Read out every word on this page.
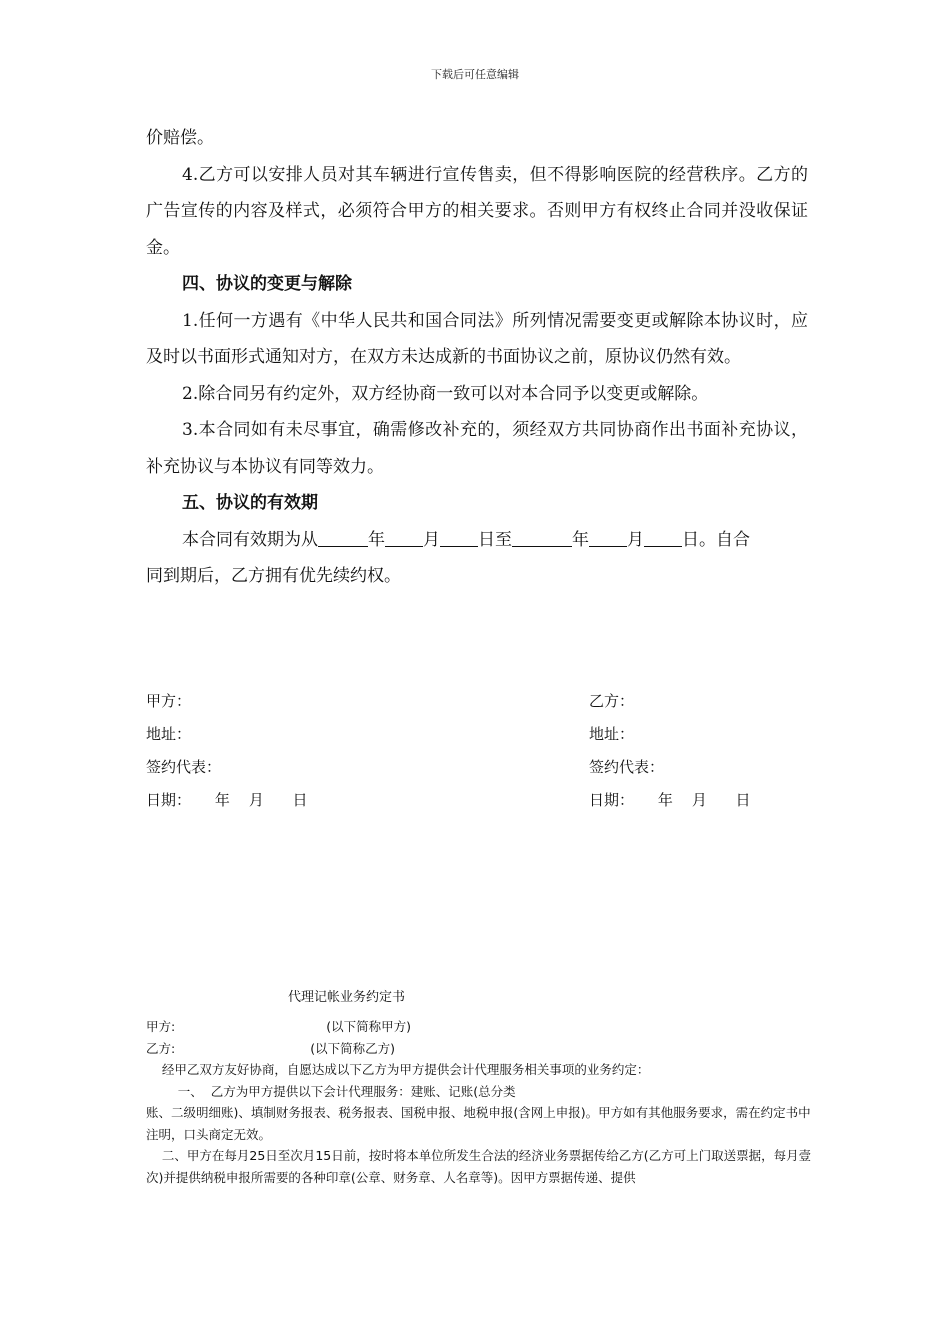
下载后可任意编辑

价赔偿。

4.乙方可以安排人员对其车辆进行宣传售卖，但不得影响医院的经营秩序。乙方的广告宣传的内容及样式，必须符合甲方的相关要求。否则甲方有权终止合同并没收保证金。

四、协议的变更与解除

1.任何一方遇有《中华人民共和国合同法》所列情况需要变更或解除本协议时，应及时以书面形式通知对方，在双方未达成新的书面协议之前，原协议仍然有效。

2.除合同另有约定外，双方经协商一致可以对本合同予以变更或解除。

3.本合同如有未尽事宜，确需修改补充的，须经双方共同协商作出书面补充协议，补充协议与本协议有同等效力。

五、协议的有效期

本合同有效期为从	年 月 日至	年 月 日。自合

同到期后，乙方拥有优先续约权。

甲方：
地址：
签约代表：
日期：     年    月      日
乙方：
地址：
签约代表：
日期：     年    月      日
代理记帐业务约定书

甲方:                                      (以下简称甲方)

乙方:                                  (以下简称乙方)

经甲乙双方友好协商，自愿达成以下乙方为甲方提供会计代理服务相关事项的业务约定：

一、  乙方为甲方提供以下会计代理服务：建账、记账(总分类

账、二级明细账)、填制财务报表、税务报表、国税申报、地税申报(含网上申报)。甲方如有其他服务要求，需在约定书中注明，口头商定无效。

二、甲方在每月25日至次月15日前，按时将本单位所发生合法的经济业务票据传给乙方(乙方可上门取送票据，每月壹次)并提供纳税申报所需要的各种印章(公章、财务章、人名章等)。因甲方票据传递、提供
